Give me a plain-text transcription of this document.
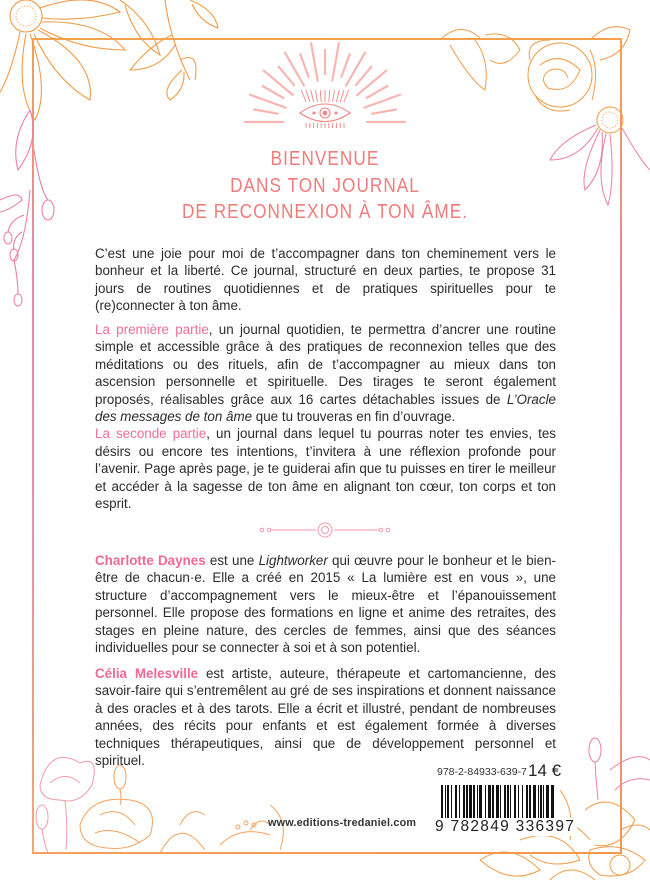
BIENVENUE
DANS TON JOURNAL
DE RECONNEXION À TON ÂME.

C’est une joie pour moi de t’accompagner dans ton cheminement vers le bonheur et la liberté. Ce journal, structuré en deux parties, te propose 31 jours de routines quotidiennes et de pratiques spirituelles pour te (re)connecter à ton âme.

La première partie, un journal quotidien, te permettra d’ancrer une routine simple et accessible grâce à des pratiques de reconnexion telles que des méditations ou des rituels, afin de t’accompagner au mieux dans ton ascension personnelle et spirituelle. Des tirages te seront également proposés, réalisables grâce aux 16 cartes détachables issues de L’Oracle des messages de ton âme que tu trouveras en fin d’ouvrage.

La seconde partie, un journal dans lequel tu pourras noter tes envies, tes désirs ou encore tes intentions, t’invitera à une réflexion profonde pour l’avenir. Page après page, je te guiderai afin que tu puisses en tirer le meilleur et accéder à la sagesse de ton âme en alignant ton cœur, ton corps et ton esprit.

Charlotte Daynes est une Lightworker qui œuvre pour le bonheur et le bien-être de chacun·e. Elle a créé en 2015 « La lumière est en vous », une structure d’accompagnement vers le mieux-être et l’épanouissement personnel. Elle propose des formations en ligne et anime des retraites, des stages en pleine nature, des cercles de femmes, ainsi que des séances individuelles pour se connecter à soi et à son potentiel.

Célia Melesville est artiste, auteure, thérapeute et cartomancienne, des savoir-faire qui s’entremêlent au gré de ses inspirations et donnent naissance à des oracles et à des tarots. Elle a écrit et illustré, pendant de nombreuses années, des récits pour enfants et est également formée à diverses techniques thérapeutiques, ainsi que de développement personnel et spirituel.

978-2-84933-639-7 14 €
9 782849 336397
www.editions-tredaniel.com
